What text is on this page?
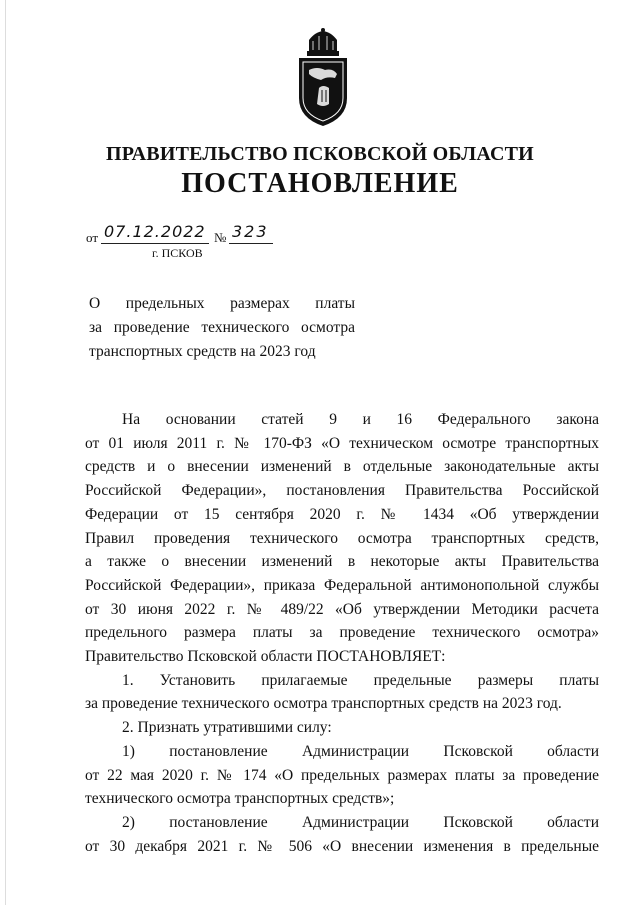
ПРАВИТЕЛЬСТВО ПСКОВСКОЙ ОБЛАСТИ
ПОСТАНОВЛЕНИЕ
от 07.12.2022 № 323
г. ПСКОВ
О предельных размерах платы
за проведение технического осмотра
транспортных средств на 2023 год
На основании статей 9 и 16 Федерального закона
от 01 июля 2011 г. № 170-ФЗ «О техническом осмотре транспортных
средств и о внесении изменений в отдельные законодательные акты
Российской Федерации», постановления Правительства Российской
Федерации от 15 сентября 2020 г. № 1434 «Об утверждении
Правил проведения технического осмотра транспортных средств,
а также о внесении изменений в некоторые акты Правительства
Российской Федерации», приказа Федеральной антимонопольной службы
от 30 июня 2022 г. № 489/22 «Об утверждении Методики расчета
предельного размера платы за проведение технического осмотра»
Правительство Псковской области ПОСТАНОВЛЯЕТ:
1. Установить прилагаемые предельные размеры платы
за проведение технического осмотра транспортных средств на 2023 год.
2. Признать утратившими силу:
1) постановление Администрации Псковской области
от 22 мая 2020 г. № 174 «О предельных размерах платы за проведение
технического осмотра транспортных средств»;
2) постановление Администрации Псковской области
от 30 декабря 2021 г. № 506 «О внесении изменения в предельные
